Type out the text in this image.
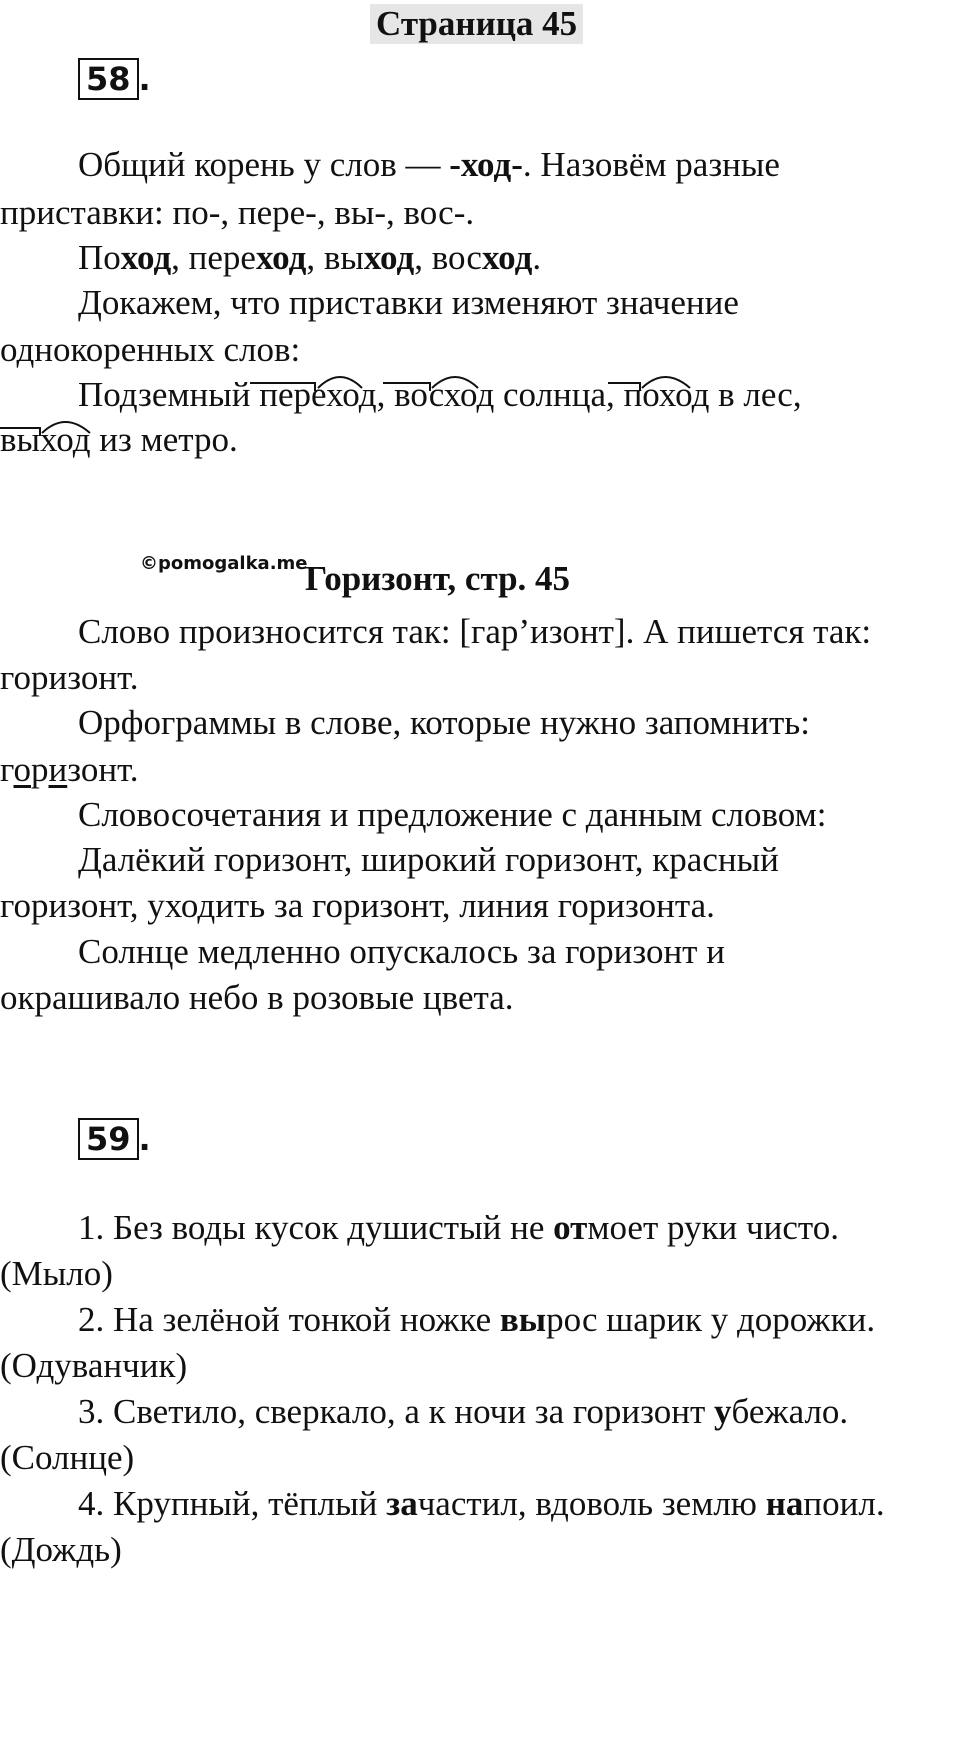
Страница 45
58 .
Общий корень у слов — -ход-. Назовём разные
приставки: по-, пере-, вы-, вос-.
Поход, переход, выход, восход.
Докажем, что приставки изменяют значение
однокоренных слов:
Подземный переход, восход солнца, поход в лес,
выход из метро.
©pomogalka.me
Горизонт, стр. 45
Слово произносится так: [гар’изонт]. А пишется так:
горизонт.
Орфограммы в слове, которые нужно запомнить:
горизонт.
Словосочетания и предложение с данным словом:
Далёкий горизонт, широкий горизонт, красный
горизонт, уходить за горизонт, линия горизонта.
Солнце медленно опускалось за горизонт и
окрашивало небо в розовые цвета.
59 .
1. Без воды кусок душистый не отмоет руки чисто.
(Мыло)
2. На зелёной тонкой ножке вырос шарик у дорожки.
(Одуванчик)
3. Светило, сверкало, а к ночи за горизонт убежало.
(Солнце)
4. Крупный, тёплый зачастил, вдоволь землю напоил.
(Дождь)
